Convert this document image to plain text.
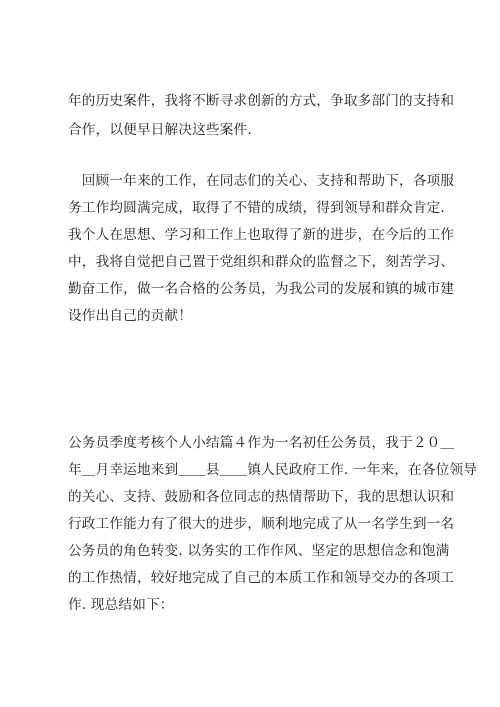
年的历史案件，我将不断寻求创新的方式，争取多部门的支持和
合作，以便早日解决这些案件.
　回顾一年来的工作，在同志们的关心、支持和帮助下，各项服
务工作均圆满完成，取得了不错的成绩，得到领导和群众肯定.
我个人在思想、学习和工作上也取得了新的进步，在今后的工作
中，我将自觉把自己置于党组织和群众的监督之下，刻苦学习、
勤奋工作，做一名合格的公务员，为我公司的发展和镇的城市建
设作出自己的贡献！
公务员季度考核个人小结篇４作为一名初任公务员，我于２０＿
年＿月幸运地来到＿＿县＿＿镇人民政府工作. 一年来，在各位领导
的关心、支持、鼓励和各位同志的热情帮助下，我的思想认识和
行政工作能力有了很大的进步，顺利地完成了从一名学生到一名
公务员的角色转变. 以务实的工作作风、坚定的思想信念和饱满
的工作热情，较好地完成了自己的本质工作和领导交办的各项工
作. 现总结如下：
